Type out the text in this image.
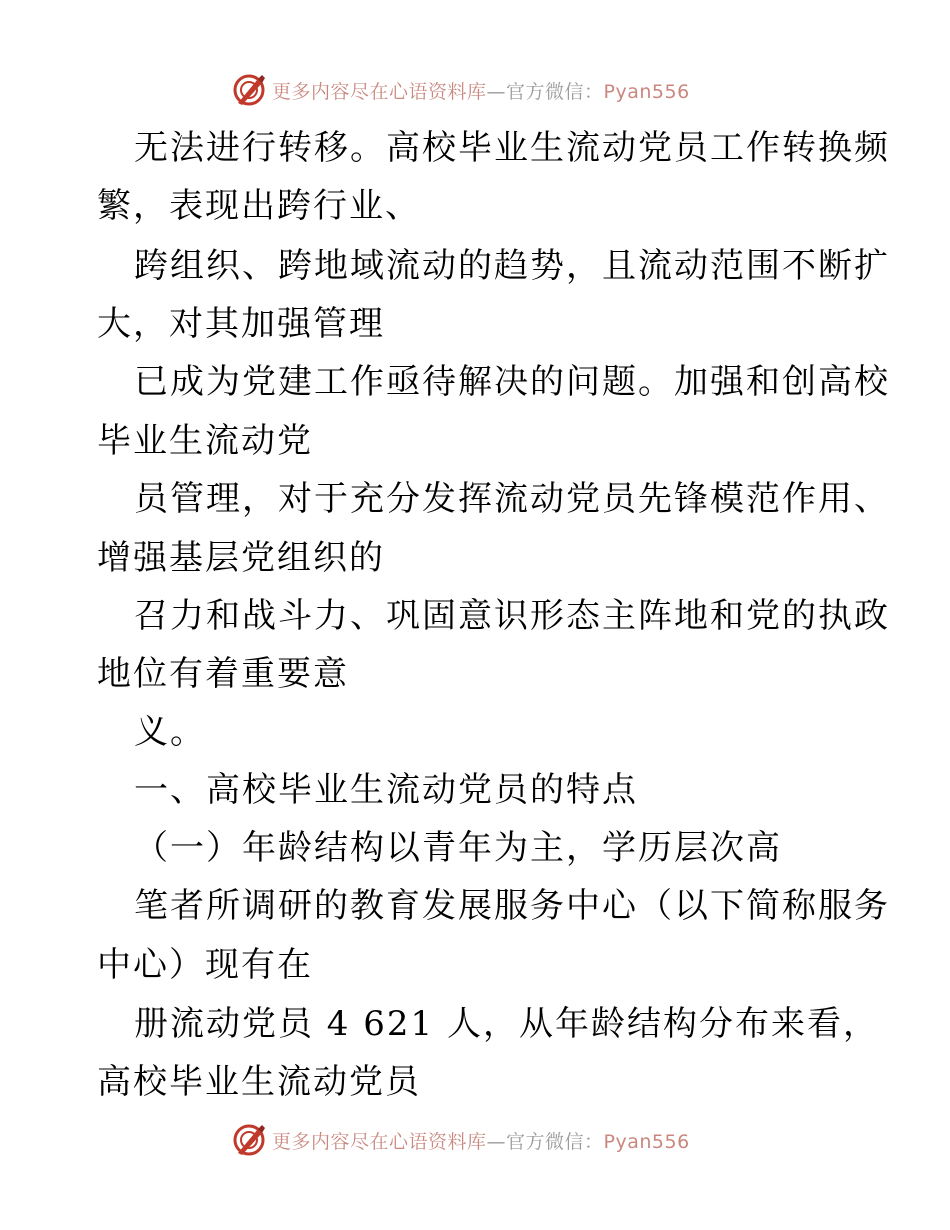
更多内容尽在心语资料库—官方微信：Pyan556
无法进行转移。高校毕业生流动党员工作转换频
繁，表现出跨行业、
跨组织、跨地域流动的趋势，且流动范围不断扩
大，对其加强管理
已成为党建工作亟待解决的问题。加强和创高校
毕业生流动党
员管理，对于充分发挥流动党员先锋模范作用、
增强基层党组织的
召力和战斗力、巩固意识形态主阵地和党的执政
地位有着重要意
义。
一、高校毕业生流动党员的特点
（一）年龄结构以青年为主，学历层次高
笔者所调研的教育发展服务中心（以下简称服务
中心）现有在
册流动党员 4 621 人，从年龄结构分布来看，
高校毕业生流动党员
更多内容尽在心语资料库—官方微信：Pyan556
